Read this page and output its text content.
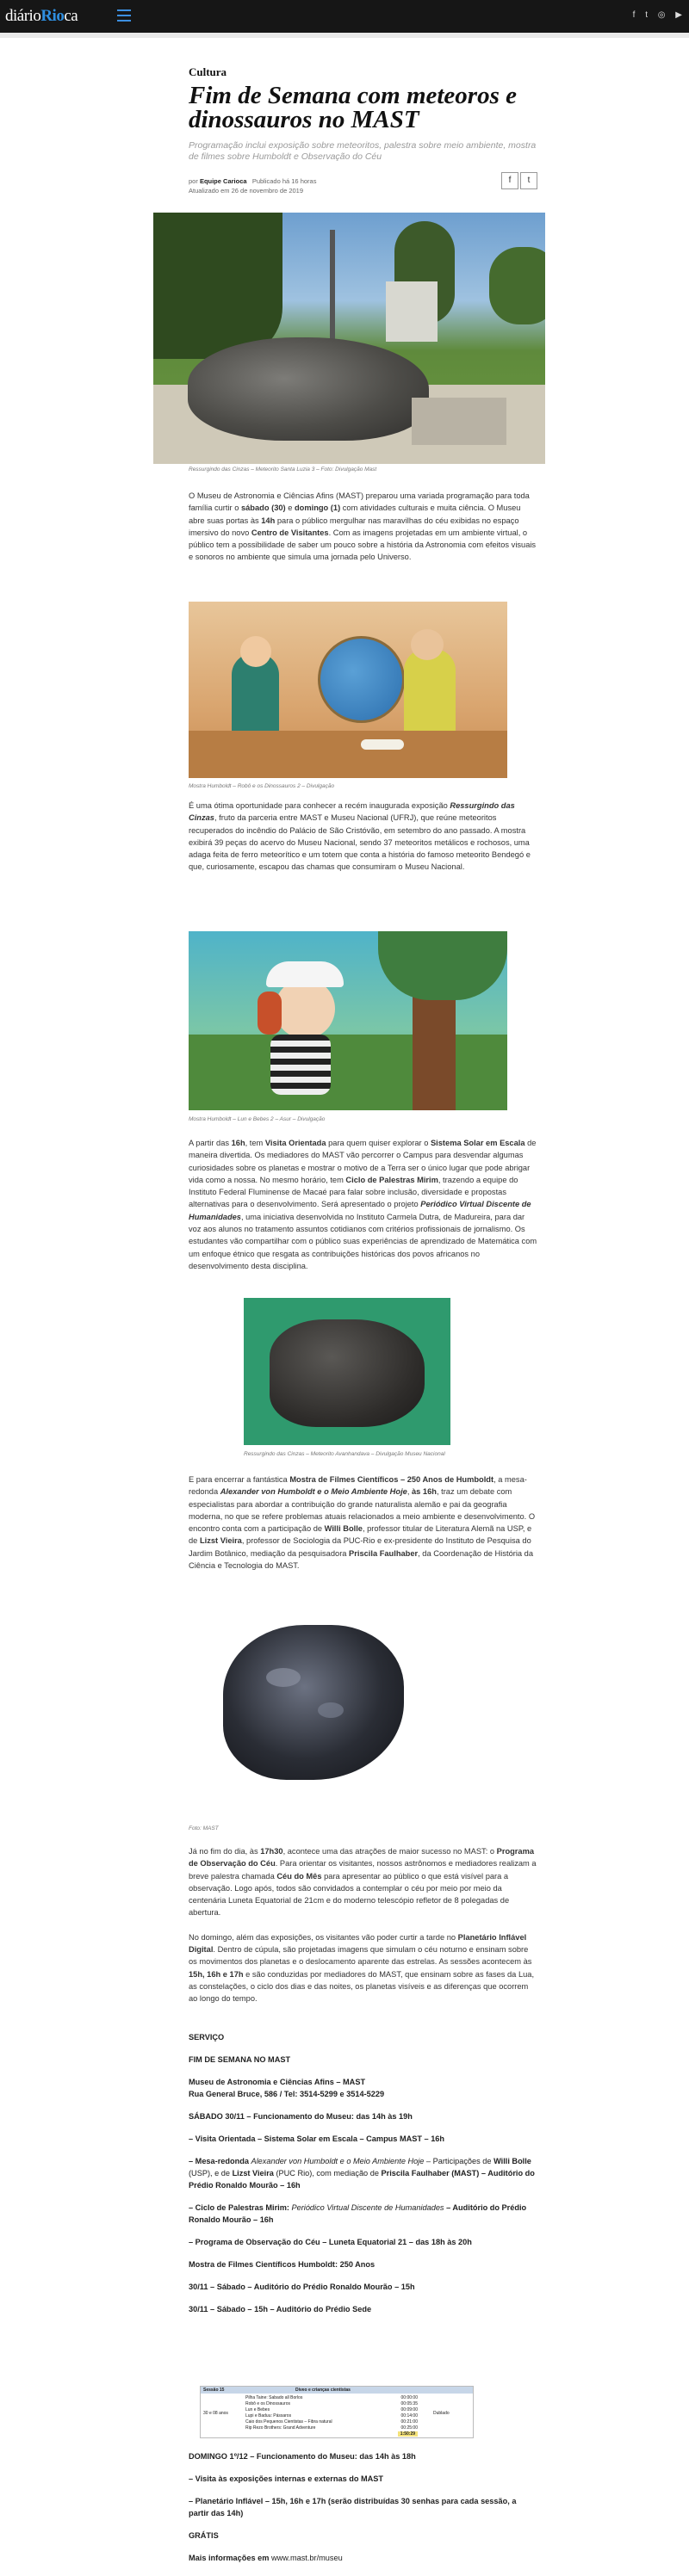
diárioRioca	f t ◎ ▶
Cultura
Fim de Semana com meteoros e dinossauros no MAST
Programação inclui exposição sobre meteoritos, palestra sobre meio ambiente, mostra de filmes sobre Humboldt e Observação do Céu
por Equipe Carioca Publicado há 16 horas
Atualizado em 26 de novembro de 2019
f	t
Ressurgindo das Cinzas – Meteorito Santa Luzia 3 – Foto: Divulgação Mast

O Museu de Astronomia e Ciências Afins (MAST) preparou uma variada programação para toda família curtir o sábado (30) e domingo (1) com atividades culturais e muita ciência. O Museu abre suas portas às 14h para o público mergulhar nas maravilhas do céu exibidas no espaço imersivo do novo Centro de Visitantes. Com as imagens projetadas em um ambiente virtual, o público tem a possibilidade de saber um pouco sobre a história da Astronomia com efeitos visuais e sonoros no ambiente que simula uma jornada pelo Universo.

Mostra Humboldt – Robô e os Dinossauros 2 – Divulgação

É uma ótima oportunidade para conhecer a recém inaugurada exposição Ressurgindo das Cinzas, fruto da parceria entre MAST e Museu Nacional (UFRJ), que reúne meteoritos recuperados do incêndio do Palácio de São Cristóvão, em setembro do ano passado. A mostra exibirá 39 peças do acervo do Museu Nacional, sendo 37 meteoritos metálicos e rochosos, uma adaga feita de ferro meteorítico e um totem que conta a história do famoso meteorito Bendegó e que, curiosamente, escapou das chamas que consumiram o Museu Nacional.

Mostra Humboldt – Lun e Bebes 2 – Asur – Divulgação

A partir das 16h, tem Visita Orientada para quem quiser explorar o Sistema Solar em Escala de maneira divertida. Os mediadores do MAST vão percorrer o Campus para desvendar algumas curiosidades sobre os planetas e mostrar o motivo de a Terra ser o único lugar que pode abrigar vida como a nossa. No mesmo horário, tem Ciclo de Palestras Mirim, trazendo a equipe do Instituto Federal Fluminense de Macaé para falar sobre inclusão, diversidade e propostas alternativas para o desenvolvimento. Será apresentado o projeto Periódico Virtual Discente de Humanidades, uma iniciativa desenvolvida no Instituto Carmela Dutra, de Madureira, para dar voz aos alunos no tratamento assuntos cotidianos com critérios profissionais de jornalismo. Os estudantes vão compartilhar com o público suas experiências de aprendizado de Matemática com um enfoque étnico que resgata as contribuições históricas dos povos africanos no desenvolvimento desta disciplina.

Ressurgindo das Cinzas – Meteorito Avanhandava – Divulgação Museu Nacional

E para encerrar a fantástica Mostra de Filmes Científicos – 250 Anos de Humboldt, a mesa-redonda Alexander von Humboldt e o Meio Ambiente Hoje, às 16h, traz um debate com especialistas para abordar a contribuição do grande naturalista alemão e pai da geografia moderna, no que se refere problemas atuais relacionados a meio ambiente e desenvolvimento. O encontro conta com a participação de Willi Bolle, professor titular de Literatura Alemã na USP, e de Lizst Vieira, professor de Sociologia da PUC-Rio e ex-presidente do Instituto de Pesquisa do Jardim Botânico, mediação da pesquisadora Priscila Faulhaber, da Coordenação de História da Ciência e Tecnologia do MAST.

Foto: MAST

Já no fim do dia, às 17h30, acontece uma das atrações de maior sucesso no MAST: o Programa de Observação do Céu. Para orientar os visitantes, nossos astrônomos e mediadores realizam a breve palestra chamada Céu do Mês para apresentar ao público o que está visível para a observação. Logo após, todos são convidados a contemplar o céu por meio por meio da centenária Luneta Equatorial de 21cm e do moderno telescópio refletor de 8 polegadas de abertura.

No domingo, além das exposições, os visitantes vão poder curtir a tarde no Planetário Inflável Digital. Dentro de cúpula, são projetadas imagens que simulam o céu noturno e ensinam sobre os movimentos dos planetas e o deslocamento aparente das estrelas. As sessões acontecem às 15h, 16h e 17h e são conduzidas por mediadores do MAST, que ensinam sobre as fases da Lua, as constelações, o ciclo dos dias e das noites, os planetas visíveis e as diferenças que ocorrem ao longo do tempo.

SERVIÇO

FIM DE SEMANA NO MAST

Museu de Astronomia e Ciências Afins – MAST
Rua General Bruce, 586 / Tel: 3514-5299 e 3514-5229

SÁBADO 30/11 – Funcionamento do Museu: das 14h às 19h

– Visita Orientada – Sistema Solar em Escala – Campus MAST – 16h

– Mesa-redonda Alexander von Humboldt e o Meio Ambiente Hoje – Participações de Willi Bolle (USP), e de Lizst Vieira (PUC Rio), com mediação de Priscila Faulhaber (MAST) – Auditório do Prédio Ronaldo Mourão – 16h

– Ciclo de Palestras Mirim: Periódico Virtual Discente de Humanidades – Auditório do Prédio Ronaldo Mourão – 16h

– Programa de Observação do Céu – Luneta Equatorial 21 – das 18h às 20h

Mostra de Filmes Científicos Humboldt: 250 Anos

30/11 – Sábado – Auditório do Prédio Ronaldo Mourão – 15h

30/11 – Sábado – 15h – Auditório do Prédio Sede

Sessão 15	Diveo e crianças cientistas
30 e 08 anos	Dublado
Pilha Taine: Sabado all Borlos	00:00:00
Robô e os Dinossauros	00:05:35
Lun e Bebes	00:09:00
Lupi e Baduu: Pássaros	00:14:00
Caio dos Pequenos Cientistas – Fibra natural	00:21:00
Rip Rezo Brothers: Grand Adventure	00:25:00
1:50:29

DOMINGO 1º/12 – Funcionamento do Museu: das 14h às 18h

– Visita às exposições internas e externas do MAST

– Planetário Inflável – 15h, 16h e 17h (serão distribuídas 30 senhas para cada sessão, a partir das 14h)

GRÁTIS

Mais informações em www.mast.br/museu
